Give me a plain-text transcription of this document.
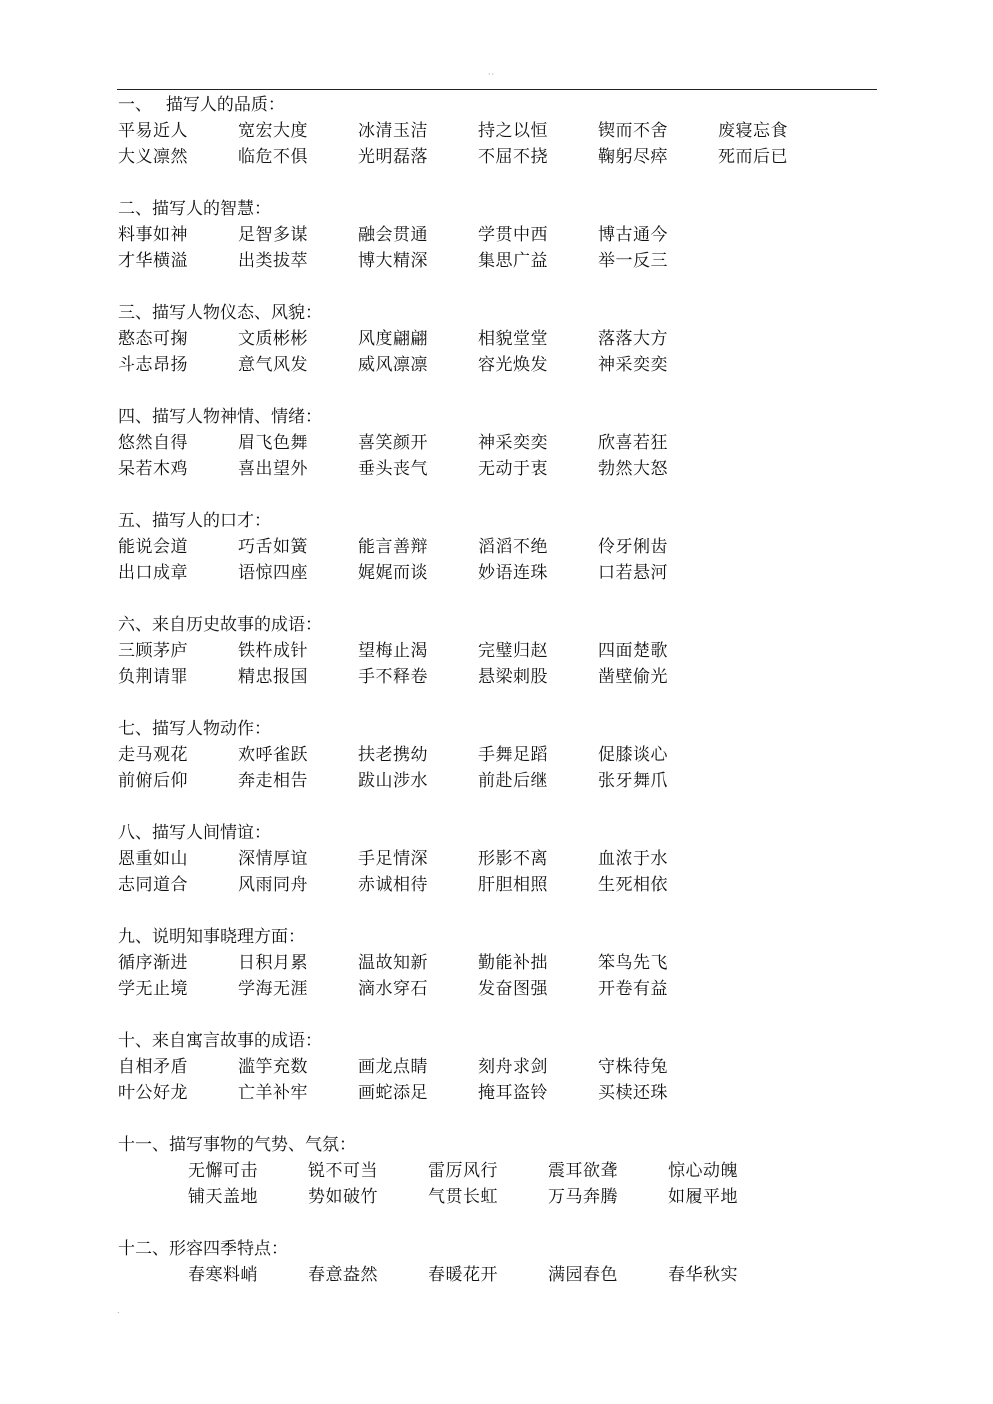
··
一、　 描写人的品质：
平易近人	宽宏大度	冰清玉洁	持之以恒	锲而不舍	废寝忘食
大义凛然	临危不俱	光明磊落	不屈不挠	鞠躬尽瘁	死而后已
二、描写人的智慧：
料事如神	足智多谋	融会贯通	学贯中西	博古通今
才华横溢	出类拔萃	博大精深	集思广益	举一反三
三、描写人物仪态、风貌：
憨态可掬	文质彬彬	风度翩翩	相貌堂堂	落落大方
斗志昂扬	意气风发	威风凛凛	容光焕发	神采奕奕
四、描写人物神情、情绪：
悠然自得	眉飞色舞	喜笑颜开	神采奕奕	欣喜若狂
呆若木鸡	喜出望外	垂头丧气	无动于衷	勃然大怒
五、描写人的口才：
能说会道	巧舌如簧	能言善辩	滔滔不绝	伶牙俐齿
出口成章	语惊四座	娓娓而谈	妙语连珠	口若悬河
六、来自历史故事的成语：
三顾茅庐	铁杵成针	望梅止渴	完璧归赵	四面楚歌
负荆请罪	精忠报国	手不释卷	悬梁刺股	凿壁偷光
七、描写人物动作：
走马观花	欢呼雀跃	扶老携幼	手舞足蹈	促膝谈心
前俯后仰	奔走相告	跋山涉水	前赴后继	张牙舞爪
八、描写人间情谊：
恩重如山	深情厚谊	手足情深	形影不离	血浓于水
志同道合	风雨同舟	赤诚相待	肝胆相照	生死相依
九、说明知事晓理方面：
循序渐进	日积月累	温故知新	勤能补拙	笨鸟先飞
学无止境	学海无涯	滴水穿石	发奋图强	开卷有益
十、来自寓言故事的成语：
自相矛盾	滥竽充数	画龙点睛	刻舟求剑	守株待兔
叶公好龙	亡羊补牢	画蛇添足	掩耳盗铃	买椟还珠
十一、描写事物的气势、气氛：
无懈可击	锐不可当	雷厉风行	震耳欲聋	惊心动魄
铺天盖地	势如破竹	气贯长虹	万马奔腾	如履平地
十二、形容四季特点：
春寒料峭	春意盎然	春暖花开	满园春色	春华秋实
.
